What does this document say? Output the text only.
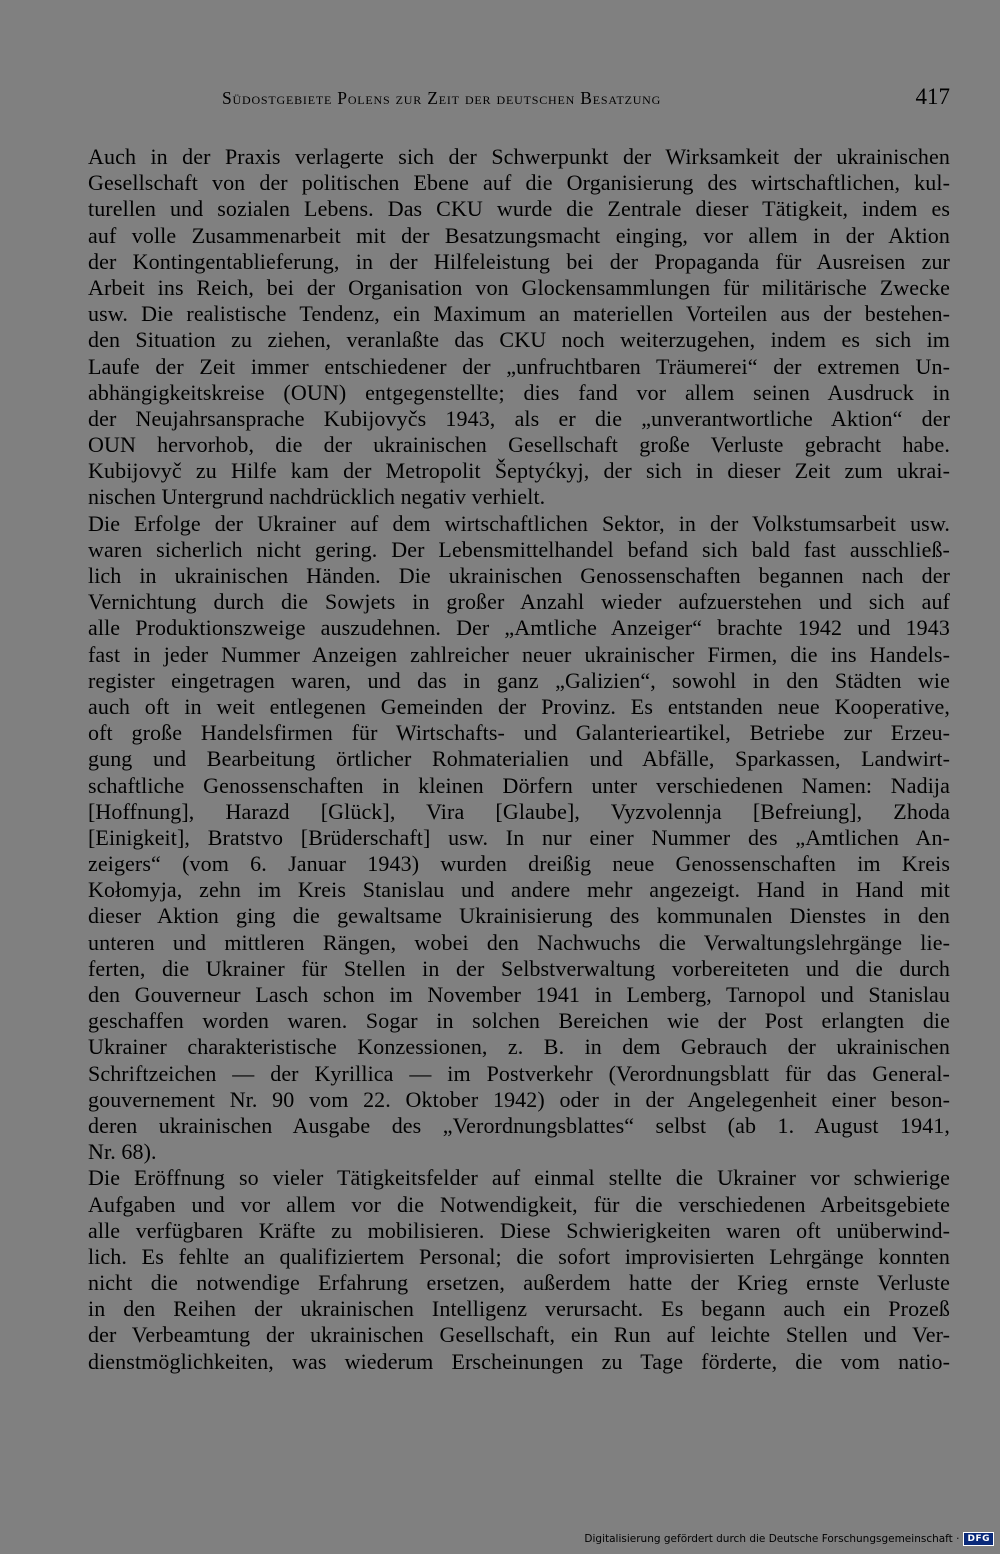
Südostgebiete Polens zur Zeit der deutschen Besatzung	417
Auch in der Praxis verlagerte sich der Schwerpunkt der Wirksamkeit der ukrainischen
Gesellschaft von der politischen Ebene auf die Organisierung des wirtschaftlichen, kul-
turellen und sozialen Lebens. Das CKU wurde die Zentrale dieser Tätigkeit, indem es
auf volle Zusammenarbeit mit der Besatzungsmacht einging, vor allem in der Aktion
der Kontingentablieferung, in der Hilfeleistung bei der Propaganda für Ausreisen zur
Arbeit ins Reich, bei der Organisation von Glockensammlungen für militärische Zwecke
usw. Die realistische Tendenz, ein Maximum an materiellen Vorteilen aus der bestehen-
den Situation zu ziehen, veranlaßte das CKU noch weiterzugehen, indem es sich im
Laufe der Zeit immer entschiedener der „unfruchtbaren Träumerei“ der extremen Un-
abhängigkeitskreise (OUN) entgegenstellte; dies fand vor allem seinen Ausdruck in
der Neujahrsansprache Kubijovyčs 1943, als er die „unverantwortliche Aktion“ der
OUN hervorhob, die der ukrainischen Gesellschaft große Verluste gebracht habe.
Kubijovyč zu Hilfe kam der Metropolit Šeptyćkyj, der sich in dieser Zeit zum ukrai-
nischen Untergrund nachdrücklich negativ verhielt.
Die Erfolge der Ukrainer auf dem wirtschaftlichen Sektor, in der Volkstumsarbeit usw.
waren sicherlich nicht gering. Der Lebensmittelhandel befand sich bald fast ausschließ-
lich in ukrainischen Händen. Die ukrainischen Genossenschaften begannen nach der
Vernichtung durch die Sowjets in großer Anzahl wieder aufzuerstehen und sich auf
alle Produktionszweige auszudehnen. Der „Amtliche Anzeiger“ brachte 1942 und 1943
fast in jeder Nummer Anzeigen zahlreicher neuer ukrainischer Firmen, die ins Handels-
register eingetragen waren, und das in ganz „Galizien“, sowohl in den Städten wie
auch oft in weit entlegenen Gemeinden der Provinz. Es entstanden neue Kooperative,
oft große Handelsfirmen für Wirtschafts- und Galanterieartikel, Betriebe zur Erzeu-
gung und Bearbeitung örtlicher Rohmaterialien und Abfälle, Sparkassen, Landwirt-
schaftliche Genossenschaften in kleinen Dörfern unter verschiedenen Namen: Nadija
[Hoffnung], Harazd [Glück], Vira [Glaube], Vyzvolennja [Befreiung], Zhoda
[Einigkeit], Bratstvo [Brüderschaft] usw. In nur einer Nummer des „Amtlichen An-
zeigers“ (vom 6. Januar 1943) wurden dreißig neue Genossenschaften im Kreis
Kołomyja, zehn im Kreis Stanislau und andere mehr angezeigt. Hand in Hand mit
dieser Aktion ging die gewaltsame Ukrainisierung des kommunalen Dienstes in den
unteren und mittleren Rängen, wobei den Nachwuchs die Verwaltungslehrgänge lie-
ferten, die Ukrainer für Stellen in der Selbstverwaltung vorbereiteten und die durch
den Gouverneur Lasch schon im November 1941 in Lemberg, Tarnopol und Stanislau
geschaffen worden waren. Sogar in solchen Bereichen wie der Post erlangten die
Ukrainer charakteristische Konzessionen, z. B. in dem Gebrauch der ukrainischen
Schriftzeichen — der Kyrillica — im Postverkehr (Verordnungsblatt für das General-
gouvernement Nr. 90 vom 22. Oktober 1942) oder in der Angelegenheit einer beson-
deren ukrainischen Ausgabe des „Verordnungsblattes“ selbst (ab 1. August 1941,
Nr. 68).
Die Eröffnung so vieler Tätigkeitsfelder auf einmal stellte die Ukrainer vor schwierige
Aufgaben und vor allem vor die Notwendigkeit, für die verschiedenen Arbeitsgebiete
alle verfügbaren Kräfte zu mobilisieren. Diese Schwierigkeiten waren oft unüberwind-
lich. Es fehlte an qualifiziertem Personal; die sofort improvisierten Lehrgänge konnten
nicht die notwendige Erfahrung ersetzen, außerdem hatte der Krieg ernste Verluste
in den Reihen der ukrainischen Intelligenz verursacht. Es begann auch ein Prozeß
der Verbeamtung der ukrainischen Gesellschaft, ein Run auf leichte Stellen und Ver-
dienstmöglichkeiten, was wiederum Erscheinungen zu Tage förderte, die vom natio-
Digitalisierung gefördert durch die Deutsche Forschungsgemeinschaft · DFG
